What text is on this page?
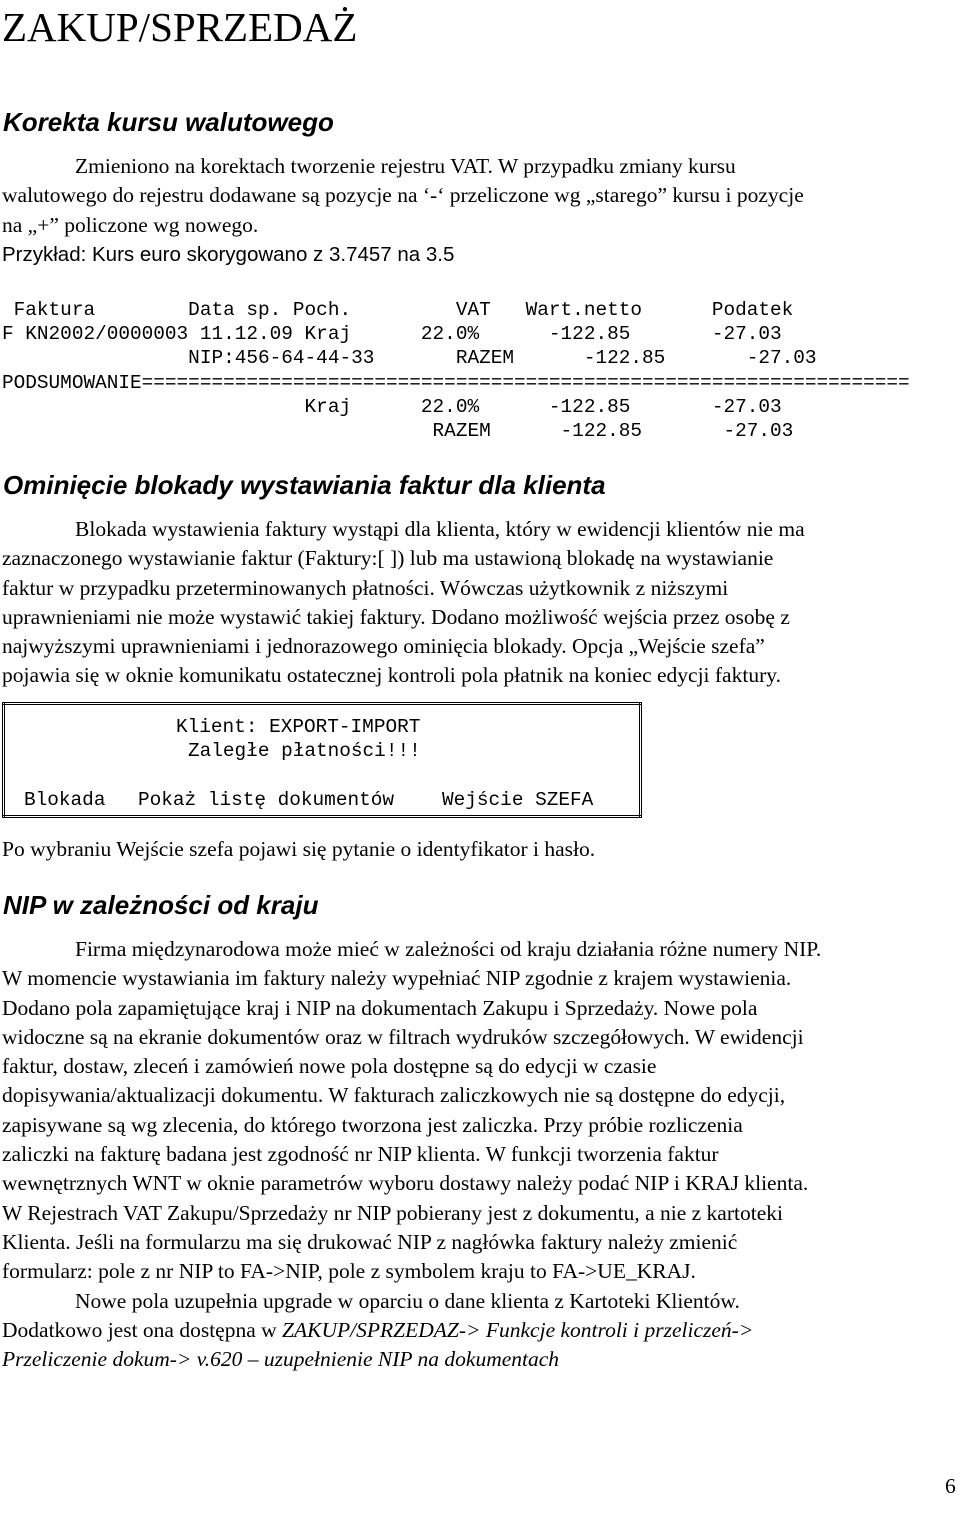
ZAKUP/SPRZEDAŻ
Korekta kursu walutowego
Zmieniono na korektach tworzenie rejestru VAT. W przypadku zmiany kursu
walutowego do rejestru dodawane są pozycje na ‘-‘ przeliczone wg „starego” kursu i pozycje
na „+” policzone wg nowego.
Przykład: Kurs euro skorygowano z 3.7457 na 3.5
Faktura        Data sp. Poch.         VAT   Wart.netto      Podatek
F KN2002/0000003 11.12.09 Kraj      22.0%      -122.85       -27.03
NIP:456-64-44-33       RAZEM      -122.85       -27.03
PODSUMOWANIE==================================================================
Kraj      22.0%      -122.85       -27.03
RAZEM      -122.85       -27.03
Ominięcie blokady wystawiania faktur dla klienta
Blokada wystawienia faktury wystąpi dla klienta, który w ewidencji klientów nie ma
zaznaczonego wystawianie faktur (Faktury:[ ]) lub ma ustawioną blokadę na wystawianie
faktur w przypadku przeterminowanych płatności. Wówczas użytkownik z niższymi
uprawnieniami nie może wystawić takiej faktury. Dodano możliwość wejścia przez osobę z
najwyższymi uprawnieniami i jednorazowego ominięcia blokady. Opcja „Wejście szefa”
pojawia się w oknie komunikatu ostatecznej kontroli pola płatnik na koniec edycji faktury.
Klient: EXPORT-IMPORT
Zaległe płatności!!!
Blokada Pokaż listę dokumentów Wejście SZEFA
Po wybraniu Wejście szefa pojawi się pytanie o identyfikator i hasło.
NIP w zależności od kraju
Firma międzynarodowa może mieć w zależności od kraju działania różne numery NIP.
W momencie wystawiania im faktury należy wypełniać NIP zgodnie z krajem wystawienia.
Dodano pola zapamiętujące kraj i NIP na dokumentach Zakupu i Sprzedaży. Nowe pola
widoczne są na ekranie dokumentów oraz w filtrach wydruków szczegółowych. W ewidencji
faktur, dostaw, zleceń i zamówień nowe pola dostępne są do edycji w czasie
dopisywania/aktualizacji dokumentu. W fakturach zaliczkowych nie są dostępne do edycji,
zapisywane są wg zlecenia, do którego tworzona jest zaliczka. Przy próbie rozliczenia
zaliczki na fakturę badana jest zgodność nr NIP klienta. W funkcji tworzenia faktur
wewnętrznych WNT w oknie parametrów wyboru dostawy należy podać NIP i KRAJ klienta.
W Rejestrach VAT Zakupu/Sprzedaży nr NIP pobierany jest z dokumentu, a nie z kartoteki
Klienta. Jeśli na formularzu ma się drukować NIP z nagłówka faktury należy zmienić
formularz: pole z nr NIP to FA->NIP, pole z symbolem kraju to FA->UE_KRAJ.
Nowe pola uzupełnia upgrade w oparciu o dane klienta z Kartoteki Klientów.
Dodatkowo jest ona dostępna w ZAKUP/SPRZEDAZ-> Funkcje kontroli i przeliczeń->
Przeliczenie dokum-> v.620 – uzupełnienie NIP na dokumentach
6
